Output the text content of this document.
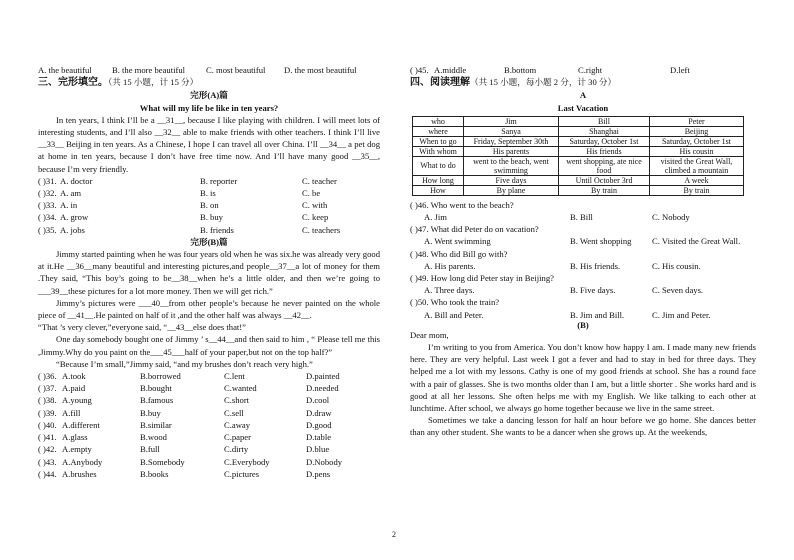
A. the beautiful	B. the more beautiful	C. most beautiful	D. the most beautiful
三、完形填空。（共 15 小题，计 15 分）
完形(A)篇
What will my life be like in ten years?
In ten years, I think I’ll be a __31__, because I like playing with children. I will meet lots of interesting students, and I’ll also __32__ able to make friends with other teachers. I think I’ll live __33__ Beijing in ten years. As a Chinese, I hope I can travel all over China. I’ll __34__ a pet dog at home in ten years, because I don’t have free time now. And I’ll have many good __35__, because I’m very friendly.
( )31. A. doctor	B. reporter	C. teacher
( )32. A. am	B. is	C. be
( )33. A. in	B. on	C. with
( )34. A. grow	B. buy	C. keep
( )35. A. jobs	B. friends	C. teachers
完形(B)篇
Jimmy started painting when he was four years old when he was six.he was already very good at it.He __36__many beautiful and interesting pictures,and people__37__a lot of money for them .They said, “This boy’s going to be__38__when he’s a little older, and then we’re going to ___39__these pictures for a lot more money. Then we will get rich.”
Jimmy’s pictures were ___40__from other people’s because he never painted on the whole piece of __41__.He painted on half of it ,and the other half was always __42__.
“That ’s very clever,”everyone said, “__43__else does that!”
One day somebody bought one of Jimmy ’ s__44__and then said to him , “ Please tell me this ,Jimmy.Why do you paint on the___45___half of your paper,but not on the top half?”
“Because I’m small,”Jimmy said, “and my brushes don’t reach very high.”
( )36. A.took	B.borrowed	C.lent	D.painted
( )37. A.paid	B.bought	C.wanted	D.needed
( )38. A.young	B.famous	C.short	D.cool
( )39. A.fill	B.buy	C.sell	D.draw
( )40. A.different	B.similar	C.away	D.good
( )41. A.glass	B.wood	C.paper	D.table
( )42. A.empty	B.full	C.dirty	D.blue
( )43. A.Anybody	B.Somebody	C.Everybody	D.Nobody
( )44. A.brushes	B.books	C.pictures	D.pens
( )45. A.middle	B.bottom	C.right	D.left
四、阅读理解（共 15 小题，每小题 2 分，计 30 分）
A
Last Vacation
who	Jim	Bill	Peter
where	Sanya	Shanghai	Beijing
When to go	Friday, September 30th	Saturday, October 1st	Saturday, October 1st
With whom	His parents	His friends	His cousin
What to do	went to the beach, went swimming	went shopping, ate nice food	visited the Great Wall, climbed a mountain
How long	Five days	Until October 3rd	A week
How	By plane	By train	By train
( )46. Who went to the beach?
A. Jim	B. Bill	C. Nobody
( )47. What did Peter do on vacation?
A. Went swimming	B. Went shopping	C. Visited the Great Wall.
( )48. Who did Bill go with?
A. His parents.	B. His friends.	C. His cousin.
( )49. How long did Peter stay in Beijing?
A. Three days.	B. Five days.	C. Seven days.
( )50. Who took the train?
A. Bill and Peter.	B. Jim and Bill.	C. Jim and Peter.
(B)
Dear mom,
I’m writing to you from America. You don’t know how happy I am. I made many new friends here. They are very helpful. Last week I got a fever and had to stay in bed for three days. They helped me a lot with my lessons. Cathy is one of my good friends at school. She has a round face with a pair of glasses. She is two months older than I am, but a little shorter . She works hard and is good at all her lessons. She often helps me with my English. We like talking to each other at lunchtime. After school, we always go home together because we live in the same street.
Sometimes we take a dancing lesson for half an hour before we go home. She dances better than any other student. She wants to be a dancer when she grows up. At the weekends,
2
